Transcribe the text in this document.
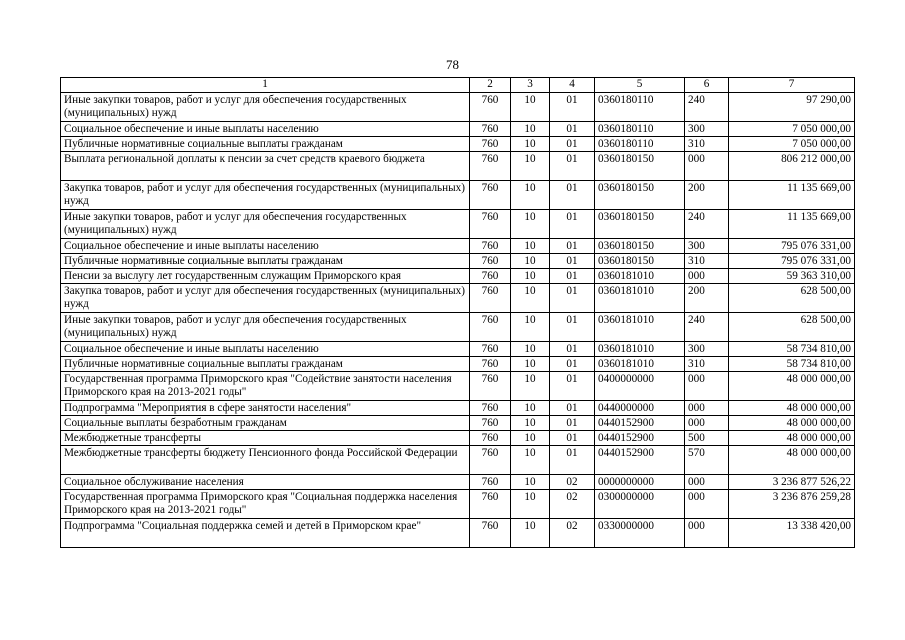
78
1	2	3	4	5	6	7
Иные закупки товаров, работ и услуг для обеспечения государственных (муниципальных) нужд	760	10	01	0360180110	240	97 290,00
Социальное обеспечение и иные выплаты населению	760	10	01	0360180110	300	7 050 000,00
Публичные нормативные социальные выплаты гражданам	760	10	01	0360180110	310	7 050 000,00
Выплата региональной доплаты к пенсии за счет средств краевого бюджета	760	10	01	0360180150	000	806 212 000,00
Закупка товаров, работ и услуг для обеспечения государственных (муниципальных) нужд	760	10	01	0360180150	200	11 135 669,00
Иные закупки товаров, работ и услуг для обеспечения государственных (муниципальных) нужд	760	10	01	0360180150	240	11 135 669,00
Социальное обеспечение и иные выплаты населению	760	10	01	0360180150	300	795 076 331,00
Публичные нормативные социальные выплаты гражданам	760	10	01	0360180150	310	795 076 331,00
Пенсии за выслугу лет государственным служащим Приморского края	760	10	01	0360181010	000	59 363 310,00
Закупка товаров, работ и услуг для обеспечения государственных (муниципальных) нужд	760	10	01	0360181010	200	628 500,00
Иные закупки товаров, работ и услуг для обеспечения государственных (муниципальных) нужд	760	10	01	0360181010	240	628 500,00
Социальное обеспечение и иные выплаты населению	760	10	01	0360181010	300	58 734 810,00
Публичные нормативные социальные выплаты гражданам	760	10	01	0360181010	310	58 734 810,00
Государственная программа Приморского края "Содействие занятости населения Приморского края на 2013-2021 годы"	760	10	01	0400000000	000	48 000 000,00
Подпрограмма "Мероприятия в сфере занятости населения"	760	10	01	0440000000	000	48 000 000,00
Социальные выплаты безработным гражданам	760	10	01	0440152900	000	48 000 000,00
Межбюджетные трансферты	760	10	01	0440152900	500	48 000 000,00
Межбюджетные трансферты бюджету Пенсионного фонда Российской Федерации	760	10	01	0440152900	570	48 000 000,00
Социальное обслуживание населения	760	10	02	0000000000	000	3 236 877 526,22
Государственная программа Приморского края "Социальная поддержка населения Приморского края на 2013-2021 годы"	760	10	02	0300000000	000	3 236 876 259,28
Подпрограмма "Социальная поддержка семей и детей в Приморском крае"	760	10	02	0330000000	000	13 338 420,00
